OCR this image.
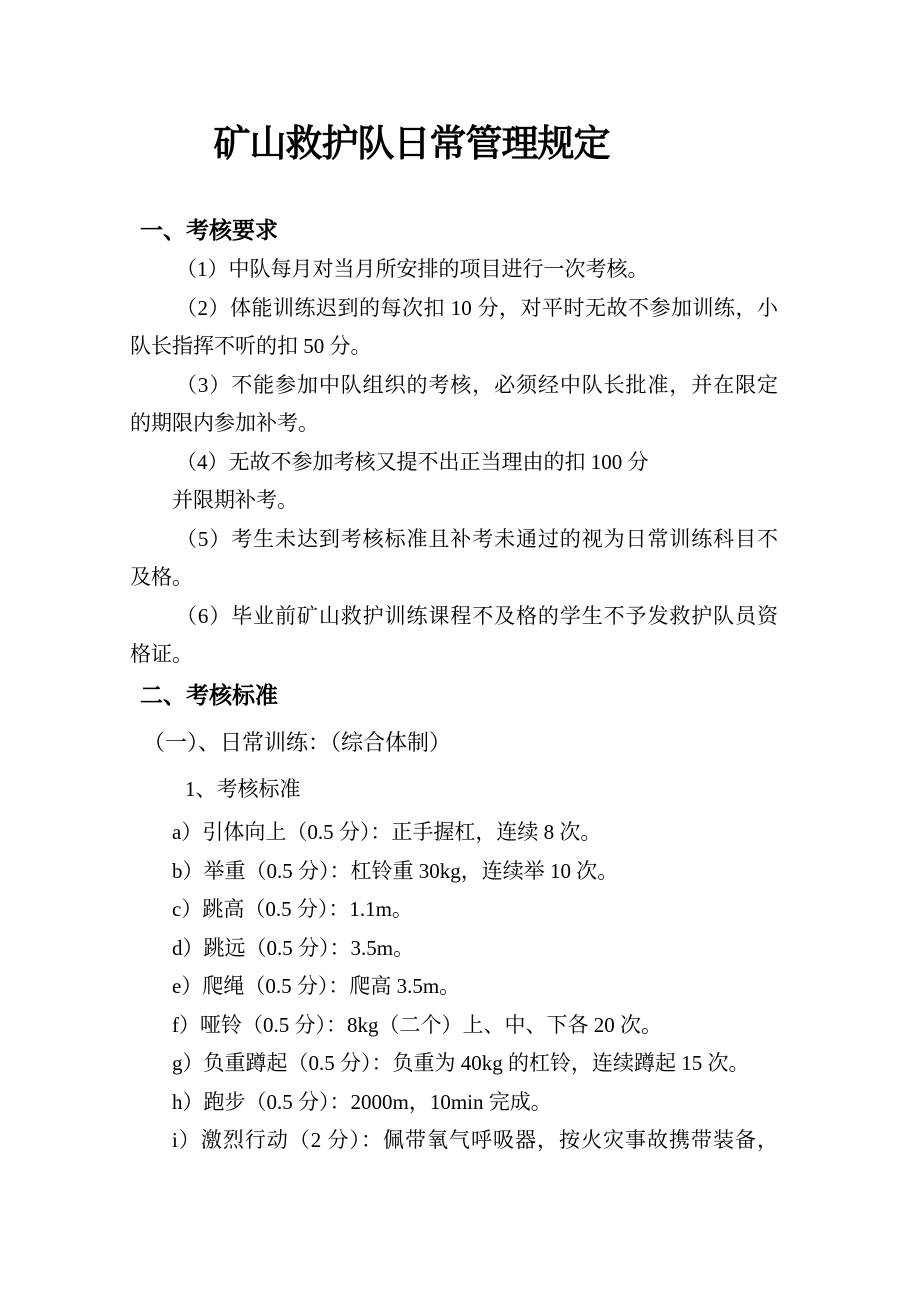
矿山救护队日常管理规定
一、考核要求
（1）中队每月对当月所安排的项目进行一次考核。
（2）体能训练迟到的每次扣 10 分，对平时无故不参加训练，小
队长指挥不听的扣 50 分。
（3）不能参加中队组织的考核，必须经中队长批准，并在限定
的期限内参加补考。
（4）无故不参加考核又提不出正当理由的扣 100 分
并限期补考。
（5）考生未达到考核标准且补考未通过的视为日常训练科目不
及格。
（6）毕业前矿山救护训练课程不及格的学生不予发救护队员资
格证。
二、考核标准
（一）、日常训练：（综合体制）
1、考核标准
a）引体向上（0.5 分）：正手握杠，连续 8 次。
b）举重（0.5 分）：杠铃重 30kg，连续举 10 次。
c）跳高（0.5 分）：1.1m。
d）跳远（0.5 分）：3.5m。
e）爬绳（0.5 分）：爬高 3.5m。
f）哑铃（0.5 分）：8kg（二个）上、中、下各 20 次。
g）负重蹲起（0.5 分）：负重为 40kg 的杠铃，连续蹲起 15 次。
h）跑步（0.5 分）：2000m，10min 完成。
i）激烈行动（2 分）：佩带氧气呼吸器，按火灾事故携带装备，
